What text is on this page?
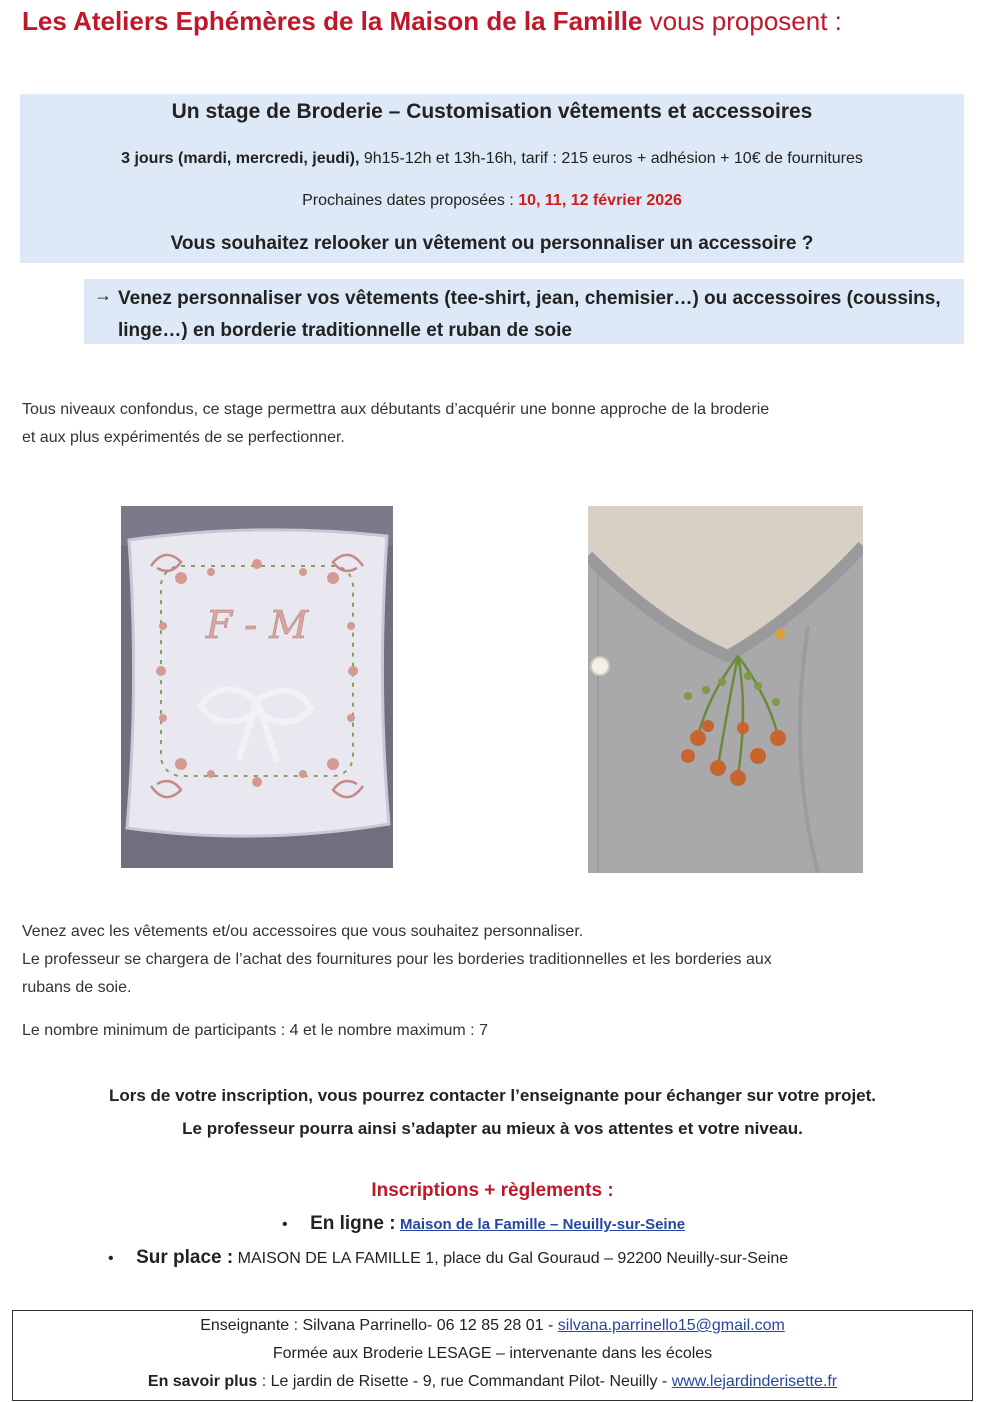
Les Ateliers Ephémères de la Maison de la Famille vous proposent :
Un stage de Broderie – Customisation vêtements et accessoires
3 jours (mardi, mercredi, jeudi), 9h15-12h et 13h-16h, tarif : 215 euros + adhésion + 10€ de fournitures
Prochaines dates proposées : 10, 11, 12 février 2026
Vous souhaitez relooker un vêtement ou personnaliser un accessoire ?
→ Venez personnaliser vos vêtements (tee-shirt, jean, chemisier…) ou accessoires (coussins, linge…) en borderie traditionnelle et ruban de soie
Tous niveaux confondus, ce stage permettra aux débutants d’acquérir une bonne approche de la broderie
et aux plus expérimentés de se perfectionner.
F - M
Venez avec les vêtements et/ou accessoires que vous souhaitez personnaliser.
Le professeur se chargera de l’achat des fournitures pour les borderies traditionnelles et les borderies aux
rubans de soie.
Le nombre minimum de participants : 4 et le nombre maximum : 7
Lors de votre inscription, vous pourrez contacter l’enseignante pour échanger sur votre projet.
Le professeur pourra ainsi s’adapter au mieux à vos attentes et votre niveau.
Inscriptions + règlements :
• En ligne : Maison de la Famille – Neuilly-sur-Seine
• Sur place : MAISON DE LA FAMILLE 1, place du Gal Gouraud – 92200 Neuilly-sur-Seine
Enseignante : Silvana Parrinello- 06 12 85 28 01 - silvana.parrinello15@gmail.com
Formée aux Broderie LESAGE – intervenante dans les écoles
En savoir plus : Le jardin de Risette - 9, rue Commandant Pilot- Neuilly - www.lejardinderisette.fr
